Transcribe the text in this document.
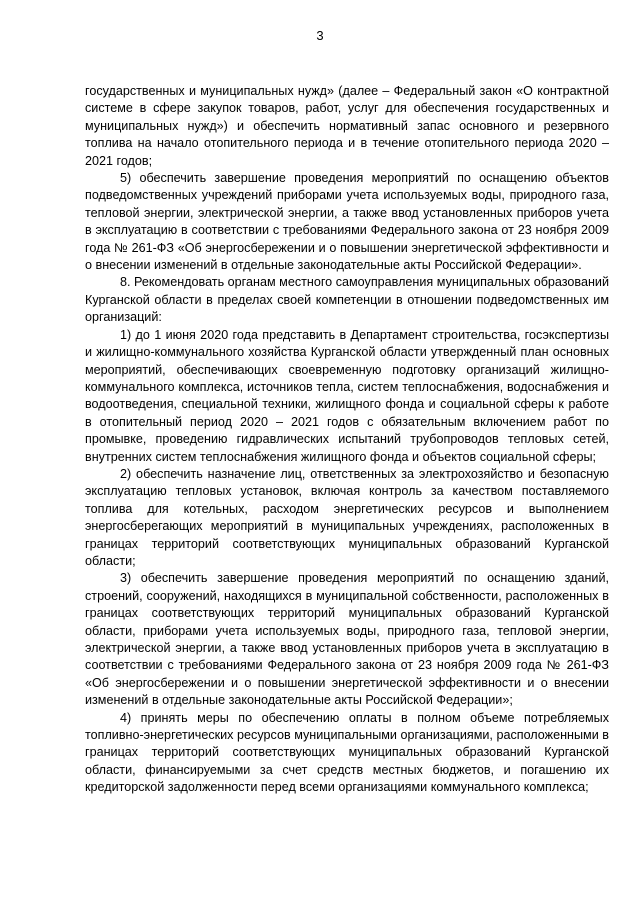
3

государственных и муниципальных нужд» (далее – Федеральный закон «О контрактной системе в сфере закупок товаров, работ, услуг для обеспечения государственных и муниципальных нужд») и обеспечить нормативный запас основного и резервного топлива на начало отопительного периода и в течение отопительного периода 2020 – 2021 годов;

5) обеспечить завершение проведения мероприятий по оснащению объектов подведомственных учреждений приборами учета используемых воды, природного газа, тепловой энергии, электрической энергии, а также ввод установленных приборов учета в эксплуатацию в соответствии с требованиями Федерального закона от 23 ноября 2009 года № 261-ФЗ «Об энергосбережении и о повышении энергетической эффективности и о внесении изменений в отдельные законодательные акты Российской Федерации».

8. Рекомендовать органам местного самоуправления муниципальных образований Курганской области в пределах своей компетенции в отношении подведомственных им организаций:

1) до 1 июня 2020 года представить в Департамент строительства, госэкспертизы и жилищно-коммунального хозяйства Курганской области утвержденный план основных мероприятий, обеспечивающих своевременную подготовку организаций жилищно-коммунального комплекса, источников тепла, систем теплоснабжения, водоснабжения и водоотведения, специальной техники, жилищного фонда и социальной сферы к работе в отопительный период 2020 – 2021 годов с обязательным включением работ по промывке, проведению гидравлических испытаний трубопроводов тепловых сетей, внутренних систем теплоснабжения жилищного фонда и объектов социальной сферы;

2) обеспечить назначение лиц, ответственных за электрохозяйство и безопасную эксплуатацию тепловых установок, включая контроль за качеством поставляемого топлива для котельных, расходом энергетических ресурсов и выполнением энергосберегающих мероприятий в муниципальных учреждениях, расположенных в границах территорий соответствующих муниципальных образований Курганской области;

3) обеспечить завершение проведения мероприятий по оснащению зданий, строений, сооружений, находящихся в муниципальной собственности, расположенных в границах соответствующих территорий муниципальных образований Курганской области, приборами учета используемых воды, природного газа, тепловой энергии, электрической энергии, а также ввод установленных приборов учета в эксплуатацию в соответствии с требованиями Федерального закона от 23 ноября 2009 года № 261-ФЗ «Об энергосбережении и о повышении энергетической эффективности и о внесении изменений в отдельные законодательные акты Российской Федерации»;

4) принять меры по обеспечению оплаты в полном объеме потребляемых топливно-энергетических ресурсов муниципальными организациями, расположенными в границах территорий соответствующих муниципальных образований Курганской области, финансируемыми за счет средств местных бюджетов, и погашению их кредиторской задолженности перед всеми организациями коммунального комплекса;
